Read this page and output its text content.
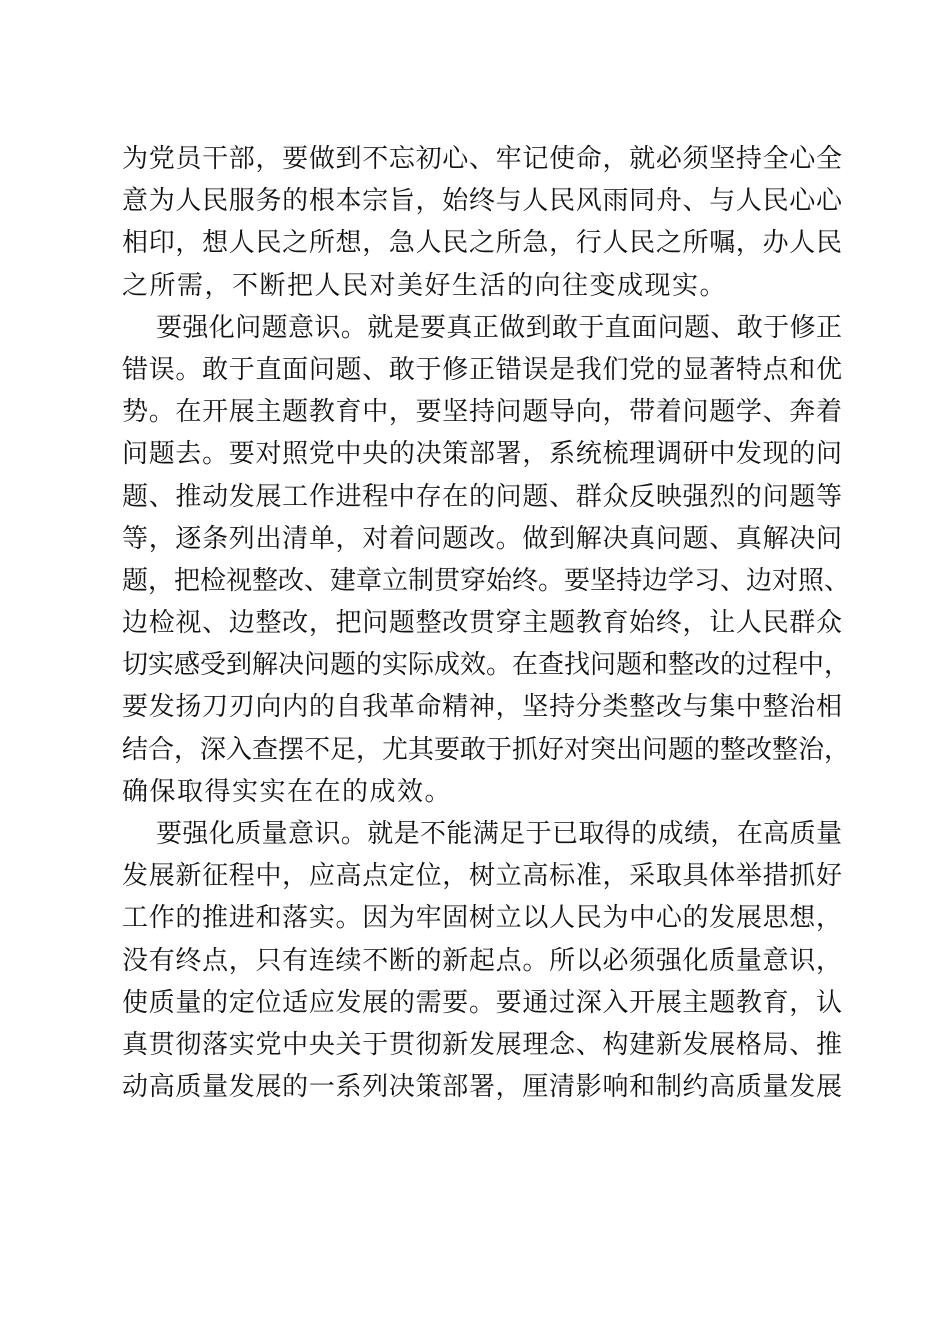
为党员干部，要做到不忘初心、牢记使命，就必须坚持全心全
意为人民服务的根本宗旨，始终与人民风雨同舟、与人民心心
相印，想人民之所想，急人民之所急，行人民之所嘱，办人民
之所需，不断把人民对美好生活的向往变成现实。
要强化问题意识。就是要真正做到敢于直面问题、敢于修正
错误。敢于直面问题、敢于修正错误是我们党的显著特点和优
势。在开展主题教育中，要坚持问题导向，带着问题学、奔着
问题去。要对照党中央的决策部署，系统梳理调研中发现的问
题、推动发展工作进程中存在的问题、群众反映强烈的问题等
等，逐条列出清单，对着问题改。做到解决真问题、真解决问
题，把检视整改、建章立制贯穿始终。要坚持边学习、边对照、
边检视、边整改，把问题整改贯穿主题教育始终，让人民群众
切实感受到解决问题的实际成效。在查找问题和整改的过程中，
要发扬刀刃向内的自我革命精神，坚持分类整改与集中整治相
结合，深入查摆不足，尤其要敢于抓好对突出问题的整改整治，
确保取得实实在在的成效。
要强化质量意识。就是不能满足于已取得的成绩，在高质量
发展新征程中，应高点定位，树立高标准，采取具体举措抓好
工作的推进和落实。因为牢固树立以人民为中心的发展思想，
没有终点，只有连续不断的新起点。所以必须强化质量意识，
使质量的定位适应发展的需要。要通过深入开展主题教育，认
真贯彻落实党中央关于贯彻新发展理念、构建新发展格局、推
动高质量发展的一系列决策部署，厘清影响和制约高质量发展
